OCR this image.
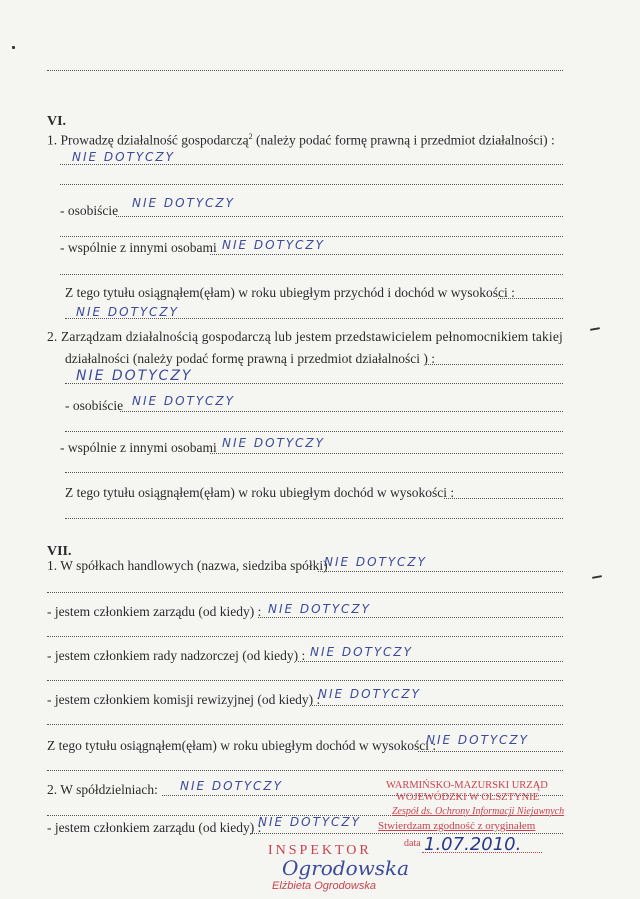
VI.
1. Prowadzę działalność gospodarczą$^2$ (należy podać formę prawną i przedmiot działalności) :
NIE DOTYCZY
- osobiście NIE DOTYCZY
- wspólnie z innymi osobami NIE DOTYCZY
Z tego tytułu osiągnąłem(ęłam) w roku ubiegłym przychód i dochód w wysokości :
NIE DOTYCZY
2. Zarządzam działalnością gospodarczą lub jestem przedstawicielem pełnomocnikiem takiej
działalności (należy podać formę prawną i przedmiot działalności ) :
NIE DOTYCZY
- osobiście NIE DOTYCZY
- wspólnie z innymi osobami NIE DOTYCZY
Z tego tytułu osiągnąłem(ęłam) w roku ubiegłym dochód w wysokości :
VII.
1. W spółkach handlowych (nazwa, siedziba spółki)
NIE DOTYCZY
- jestem członkiem zarządu (od kiedy) : NIE DOTYCZY
- jestem członkiem rady nadzorczej (od kiedy) : NIE DOTYCZY
- jestem członkiem komisji rewizyjnej (od kiedy) :
NIE DOTYCZY
Z tego tytułu osiągnąłem(ęłam) w roku ubiegłym dochód w wysokości :
NIE DOTYCZY
2. W spółdzielniach: NIE DOTYCZY
- jestem członkiem zarządu (od kiedy) :
NIE DOTYCZY
WARMIŃSKO-MAZURSKI URZĄD
WOJEWÓDZKI W OLSZTYNIE
Zespół ds. Ochrony Informacji Niejawnych
Stwierdzam zgodność z oryginałem
data 1.07.2010.
INSPEKTOR
Ogrodowska
Elżbieta Ogrodowska
